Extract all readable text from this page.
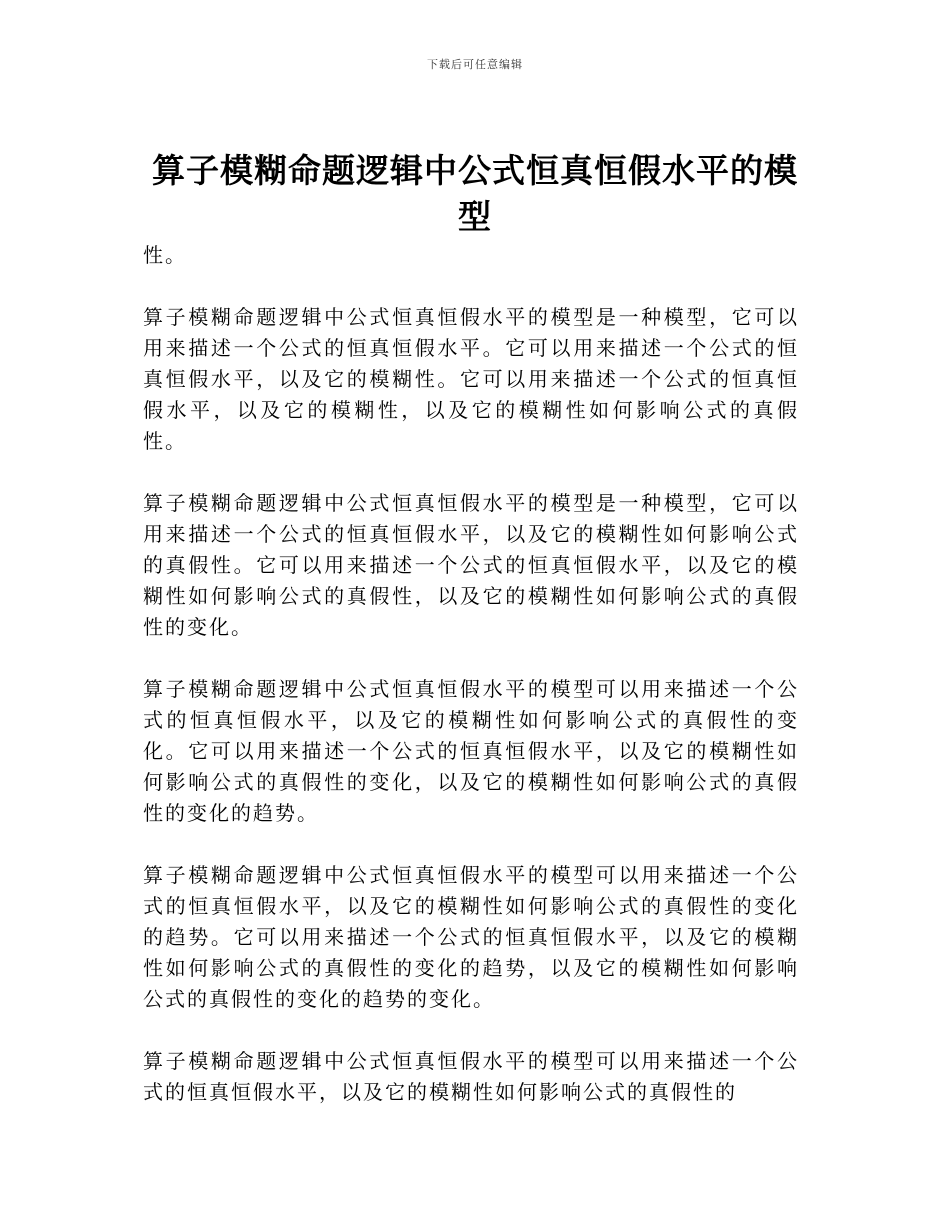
下载后可任意编辑
算子模糊命题逻辑中公式恒真恒假水平的模型

性。

算子模糊命题逻辑中公式恒真恒假水平的模型是一种模型，它可以用来描述一个公式的恒真恒假水平。它可以用来描述一个公式的恒真恒假水平，以及它的模糊性。它可以用来描述一个公式的恒真恒假水平，以及它的模糊性，以及它的模糊性如何影响公式的真假性。

算子模糊命题逻辑中公式恒真恒假水平的模型是一种模型，它可以用来描述一个公式的恒真恒假水平，以及它的模糊性如何影响公式的真假性。它可以用来描述一个公式的恒真恒假水平，以及它的模糊性如何影响公式的真假性，以及它的模糊性如何影响公式的真假性的变化。

算子模糊命题逻辑中公式恒真恒假水平的模型可以用来描述一个公式的恒真恒假水平，以及它的模糊性如何影响公式的真假性的变化。它可以用来描述一个公式的恒真恒假水平，以及它的模糊性如何影响公式的真假性的变化，以及它的模糊性如何影响公式的真假性的变化的趋势。

算子模糊命题逻辑中公式恒真恒假水平的模型可以用来描述一个公式的恒真恒假水平，以及它的模糊性如何影响公式的真假性的变化的趋势。它可以用来描述一个公式的恒真恒假水平，以及它的模糊性如何影响公式的真假性的变化的趋势，以及它的模糊性如何影响公式的真假性的变化的趋势的变化。

算子模糊命题逻辑中公式恒真恒假水平的模型可以用来描述一个公式的恒真恒假水平，以及它的模糊性如何影响公式的真假性的
